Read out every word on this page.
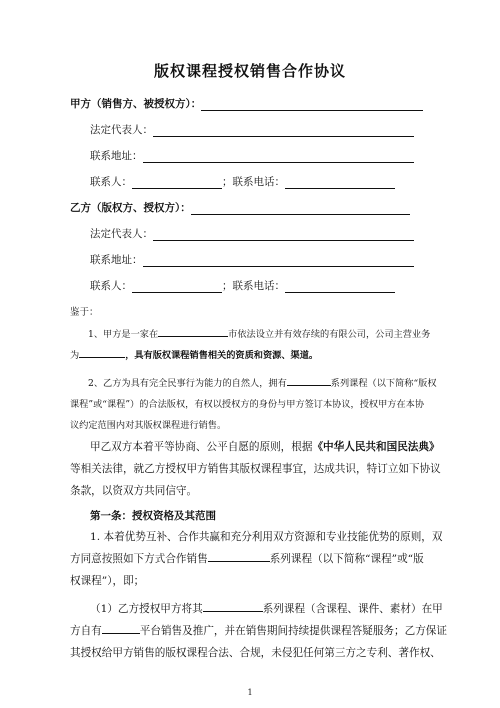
版权课程授权销售合作协议
甲方（销售方、被授权方）：
法定代表人：
联系地址：
联系人：	；联系电话：
乙方（版权方、授权方）：
法定代表人：
联系地址：
联系人：	；联系电话：
鉴于：
1、甲方是一家在	市依法设立并有效存续的有限公司，公司主营业务
为	，具有版权课程销售相关的资质和资源、渠道。
2、乙方为具有完全民事行为能力的自然人，拥有	系列课程（以下简称“版权
课程”或“课程”）的合法版权，有权以授权方的身份与甲方签订本协议，授权甲方在本协
议约定范围内对其版权课程进行销售。
甲乙双方本着平等协商、公平自愿的原则，根据《中华人民共和国民法典》
等相关法律，就乙方授权甲方销售其版权课程事宜，达成共识，特订立如下协议
条款，以资双方共同信守。
第一条：授权资格及其范围
1. 本着优势互补、合作共赢和充分利用双方资源和专业技能优势的原则，双
方同意按照如下方式合作销售	系列课程（以下简称“课程”或“版
权课程”），即；
（1）乙方授权甲方将其	系列课程（含课程、课件、素材）在甲
方自有	平台销售及推广，并在销售期间持续提供课程答疑服务；乙方保证
其授权给甲方销售的版权课程合法、合规，未侵犯任何第三方之专利、著作权、
1
